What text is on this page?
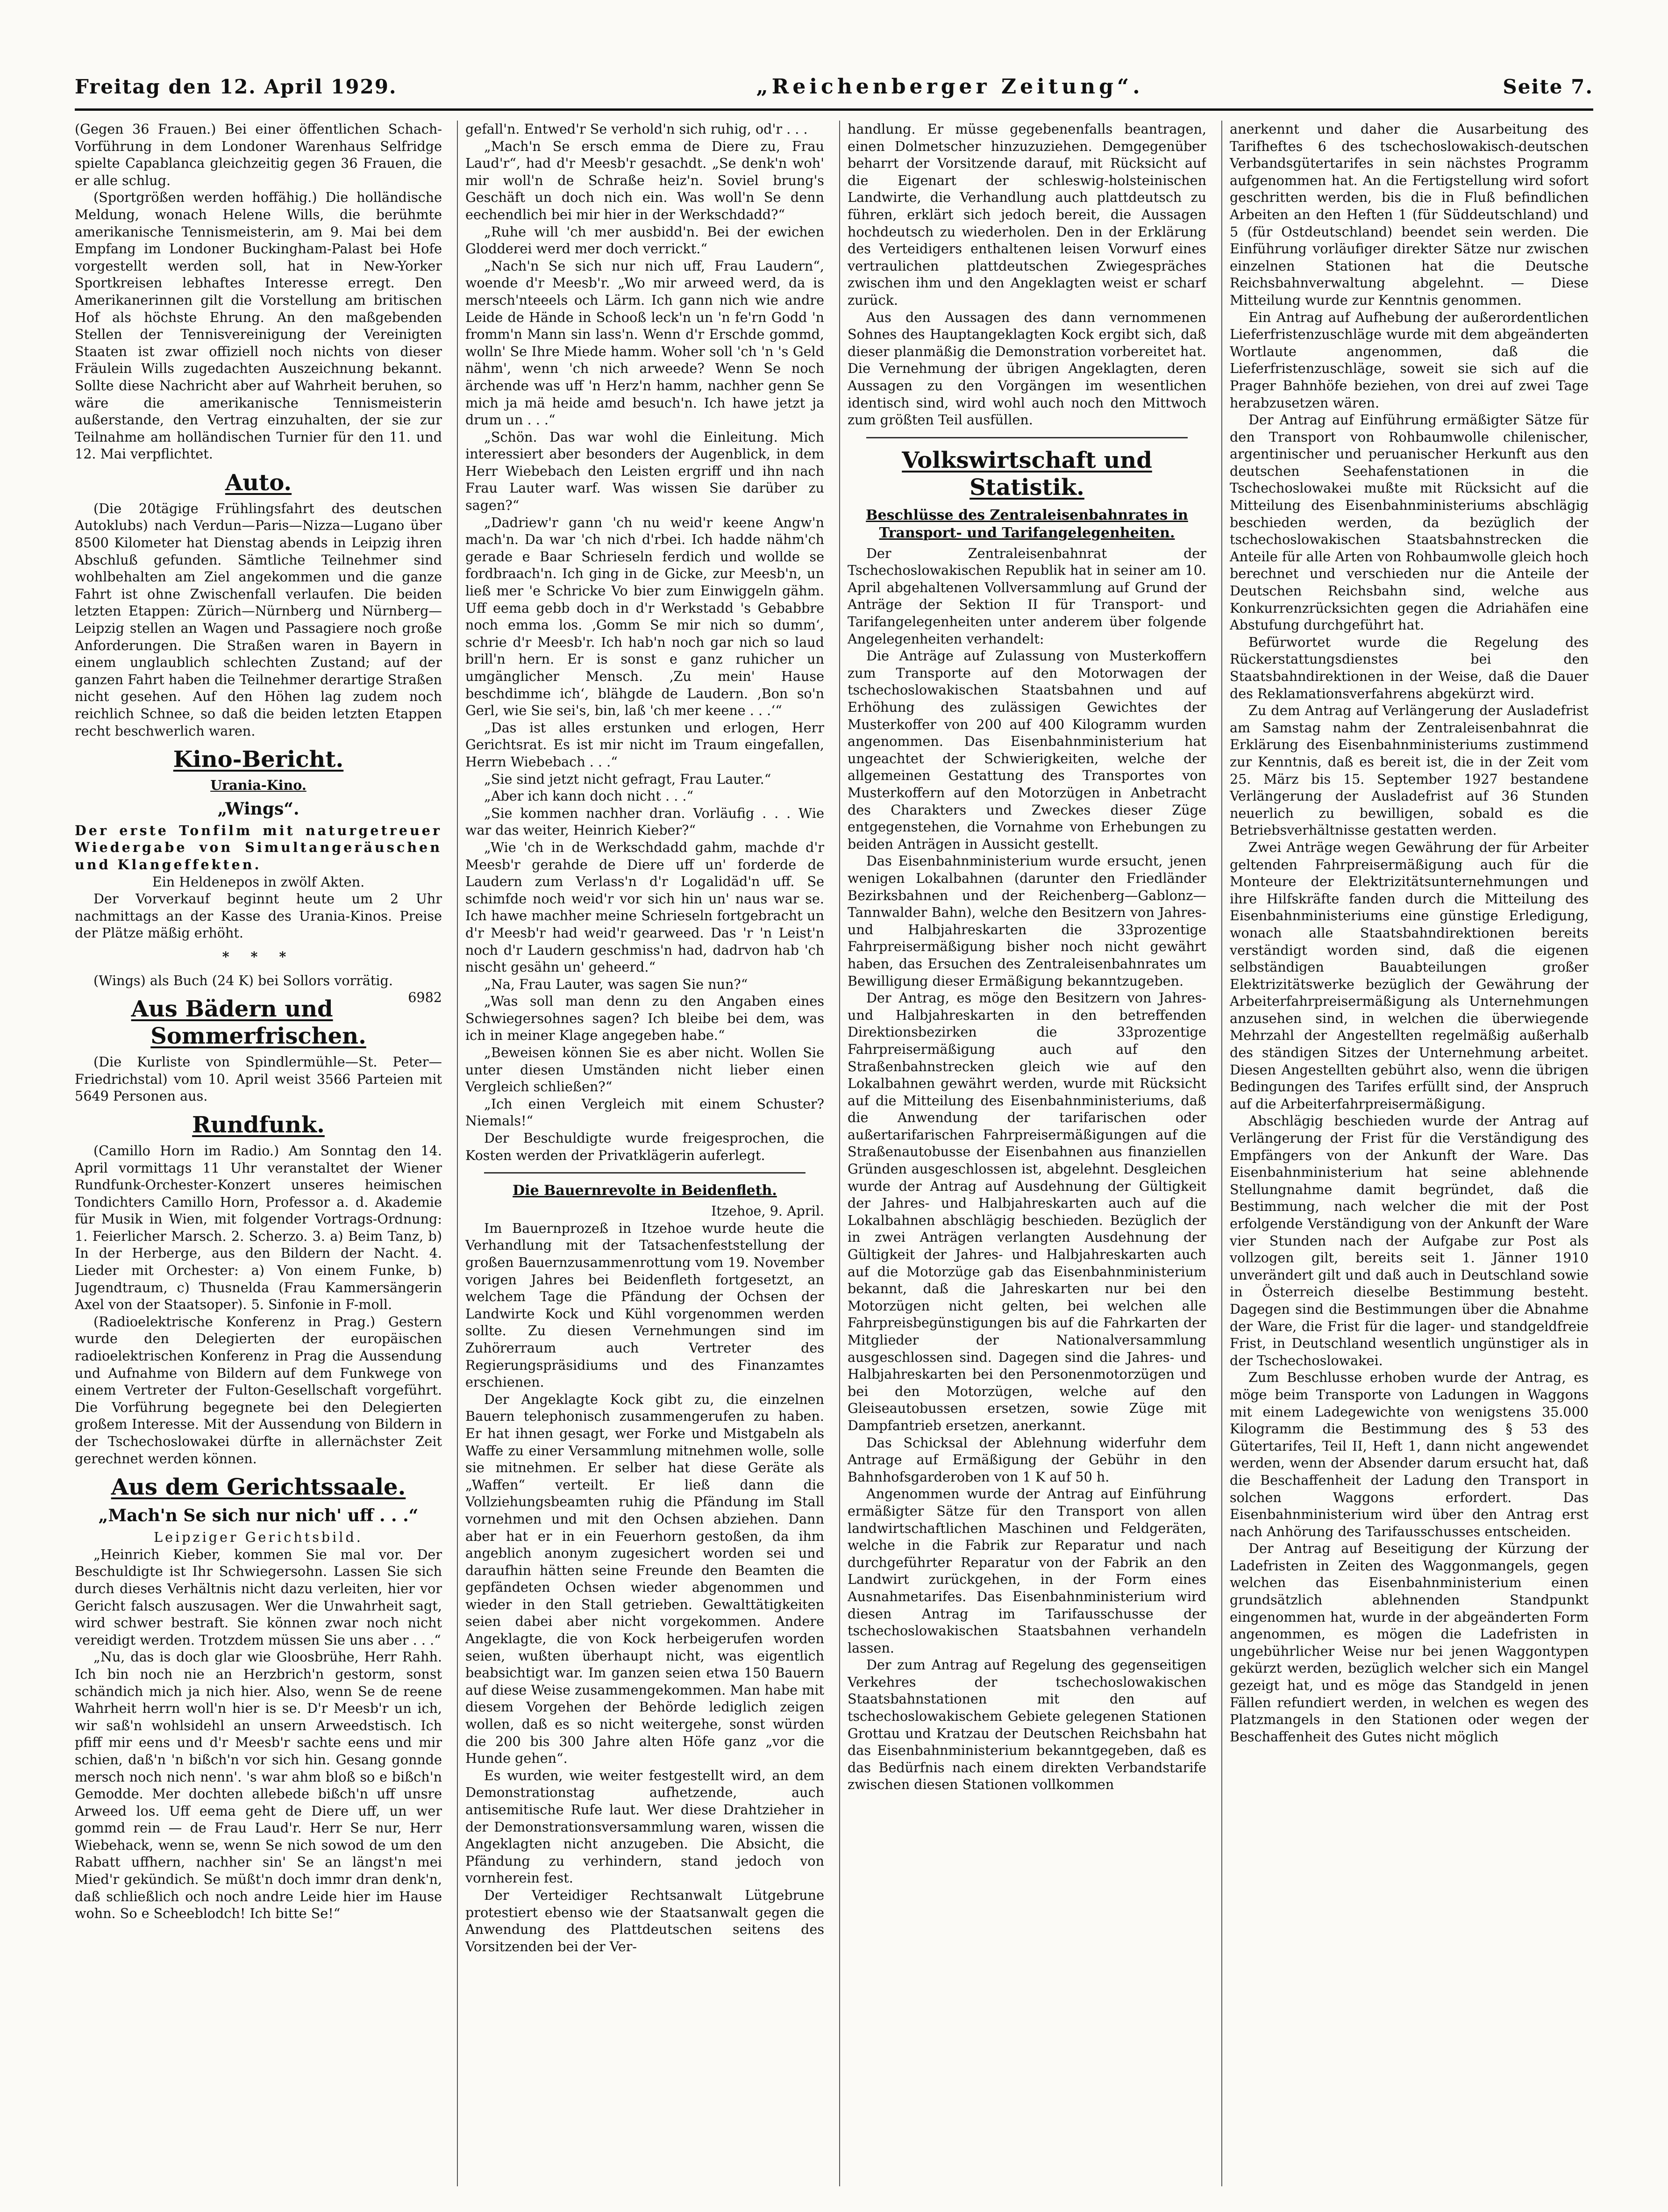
Freitag den 12. April 1929.	„Reichenberger Zeitung“.	Seite 7.

(Gegen 36 Frauen.) Bei einer öffentlichen Schach-Vorführung in dem Londoner Warenhaus Selfridge spielte Capablanca gleichzeitig gegen 36 Frauen, die er alle schlug.

(Sportgrößen werden hoffähig.) Die holländische Meldung, wonach Helene Wills, die berühmte amerikanische Tennismeisterin, am 9. Mai bei dem Empfang im Londoner Buckingham-Palast bei Hofe vorgestellt werden soll, hat in New-Yorker Sportkreisen lebhaftes Interesse erregt. Den Amerikanerinnen gilt die Vorstellung am britischen Hof als höchste Ehrung. An den maßgebenden Stellen der Tennisvereinigung der Vereinigten Staaten ist zwar offiziell noch nichts von dieser Fräulein Wills zugedachten Auszeichnung bekannt. Sollte diese Nachricht aber auf Wahrheit beruhen, so wäre die amerikanische Tennismeisterin außerstande, den Vertrag einzuhalten, der sie zur Teilnahme am holländischen Turnier für den 11. und 12. Mai verpflichtet.

Auto.

(Die 20tägige Frühlingsfahrt des deutschen Autoklubs) nach Verdun—Paris—Nizza—Lugano über 8500 Kilometer hat Dienstag abends in Leipzig ihren Abschluß gefunden. Sämtliche Teilnehmer sind wohlbehalten am Ziel angekommen und die ganze Fahrt ist ohne Zwischenfall verlaufen. Die beiden letzten Etappen: Zürich—Nürnberg und Nürnberg—Leipzig stellen an Wagen und Passagiere noch große Anforderungen. Die Straßen waren in Bayern in einem unglaublich schlechten Zustand; auf der ganzen Fahrt haben die Teilnehmer derartige Straßen nicht gesehen. Auf den Höhen lag zudem noch reichlich Schnee, so daß die beiden letzten Etappen recht beschwerlich waren.

Kino-Bericht.

Urania-Kino.

„Wings“.

Der erste Tonfilm mit naturgetreuer Wiedergabe von Simultangeräuschen und Klangeffekten.

Ein Heldenepos in zwölf Akten.

Der Vorverkauf beginnt heute um 2 Uhr nachmittags an der Kasse des Urania-Kinos. Preise der Plätze mäßig erhöht.

* * *

(Wings) als Buch (24 K) bei Sollors vorrätig.
6982

Aus Bädern und Sommerfrischen.

(Die Kurliste von Spindlermühle—St. Peter—Friedrichstal) vom 10. April weist 3566 Parteien mit 5649 Personen aus.

Rundfunk.

(Camillo Horn im Radio.) Am Sonntag den 14. April vormittags 11 Uhr veranstaltet der Wiener Rundfunk-Orchester-Konzert unseres heimischen Tondichters Camillo Horn, Professor a. d. Akademie für Musik in Wien, mit folgender Vortrags-Ordnung: 1. Feierlicher Marsch. 2. Scherzo. 3. a) Beim Tanz, b) In der Herberge, aus den Bildern der Nacht. 4. Lieder mit Orchester: a) Von einem Funke, b) Jugendtraum, c) Thusnelda (Frau Kammersängerin Axel von der Staatsoper). 5. Sinfonie in F-moll.

(Radioelektrische Konferenz in Prag.) Gestern wurde den Delegierten der europäischen radioelektrischen Konferenz in Prag die Aussendung und Aufnahme von Bildern auf dem Funkwege von einem Vertreter der Fulton-Gesellschaft vorgeführt. Die Vorführung begegnete bei den Delegierten großem Interesse. Mit der Aussendung von Bildern in der Tschechoslowakei dürfte in allernächster Zeit gerechnet werden können.

Aus dem Gerichtssaale.
„Mach'n Se sich nur nich' uff . . .“

Leipziger Gerichtsbild.

„Heinrich Kieber, kommen Sie mal vor. Der Beschuldigte ist Ihr Schwiegersohn. Lassen Sie sich durch dieses Verhältnis nicht dazu verleiten, hier vor Gericht falsch auszusagen. Wer die Unwahrheit sagt, wird schwer bestraft. Sie können zwar noch nicht vereidigt werden. Trotzdem müssen Sie uns aber . . .“

„Nu, das is doch glar wie Gloosbrühe, Herr Rahh. Ich bin noch nie an Herzbrich'n gestorm, sonst schändich mich ja nich hier. Also, wenn Se de reene Wahrheit herrn woll'n hier is se. D'r Meesb'r un ich, wir saß'n wohlsidehl an unsern Arweedstisch. Ich pfiff mir eens und d'r Meesb'r sachte eens und mir schien, daß'n 'n bißch'n vor sich hin. Gesang gonnde mersch noch nich nenn'. 's war ahm bloß so e bißch'n Gemodde. Mer dochten allebede bißch'n uff unsre Arweed los. Uff eema geht de Diere uff, un wer gommd rein — de Frau Laud'r. Herr Se nur, Herr Wiebehack, wenn se, wenn Se nich sowod de um den Rabatt uffhern, nachher sin' Se an längst'n mei Mied'r gekündich. Se müßt'n doch immr dran denk'n, daß schließlich och noch andre Leide hier im Hause wohn. So e Scheeblodch! Ich bitte Se!“

gefall'n. Entwed'r Se verhold'n sich ruhig, od'r . . .

„Mach'n Se ersch emma de Diere zu, Frau Laud'r“, had d'r Meesb'r gesachdt. „Se denk'n woh' mir woll'n de Schraße heiz'n. Soviel brung's Geschäft un doch nich ein. Was woll'n Se denn eechendlich bei mir hier in der Werkschdadd?“

„Ruhe will 'ch mer ausbidd'n. Bei der ewichen Glodderei werd mer doch verrickt.“

„Nach'n Se sich nur nich uff, Frau Laudern“, woende d'r Meesb'r. „Wo mir arweed werd, da is mersch'nteeels och Lärm. Ich gann nich wie andre Leide de Hände in Schooß leck'n un 'n fe'rn Godd 'n fromm'n Mann sin lass'n. Wenn d'r Erschde gommd, wolln' Se Ihre Miede hamm. Woher soll 'ch 'n 's Geld nähm', wenn 'ch nich arweede? Wenn Se noch ärchende was uff 'n Herz'n hamm, nachher genn Se mich ja mä heide amd besuch'n. Ich hawe jetzt ja drum un . . .“

„Schön. Das war wohl die Einleitung. Mich interessiert aber besonders der Augenblick, in dem Herr Wiebebach den Leisten ergriff und ihn nach Frau Lauter warf. Was wissen Sie darüber zu sagen?“

„Dadriew'r gann 'ch nu weid'r keene Angw'n mach'n. Da war 'ch nich d'rbei. Ich hadde nähm'ch gerade e Baar Schrieseln ferdich und wollde se fordbraach'n. Ich ging in de Gicke, zur Meesb'n, un ließ mer 'e Schricke Vo bier zum Einwiggeln gähm. Uff eema gebb doch in d'r Werkstadd 's Gebabbre noch emma los. ‚Gomm Se mir nich so dumm‘, schrie d'r Meesb'r. Ich hab'n noch gar nich so laud brill'n hern. Er is sonst e ganz ruhicher un umgänglicher Mensch. ‚Zu mein' Hause beschdimme ich‘, blähgde de Laudern. ‚Bon so'n Gerl, wie Sie sei's, bin, laß 'ch mer keene . . .‘“

„Das ist alles erstunken und erlogen, Herr Gerichtsrat. Es ist mir nicht im Traum eingefallen, Herrn Wiebebach . . .“

„Sie sind jetzt nicht gefragt, Frau Lauter.“

„Aber ich kann doch nicht . . .“

„Sie kommen nachher dran. Vorläufig . . . Wie war das weiter, Heinrich Kieber?“

„Wie 'ch in de Werkschdadd gahm, machde d'r Meesb'r gerahde de Diere uff un' forderde de Laudern zum Verlass'n d'r Logalidäd'n uff. Se schimfde noch weid'r vor sich hin un' naus war se. Ich hawe machher meine Schrieseln fortgebracht un d'r Meesb'r had weid'r gearweed. Das 'r 'n Leist'n noch d'r Laudern geschmiss'n had, dadrvon hab 'ch nischt gesähn un' geheerd.“

„Na, Frau Lauter, was sagen Sie nun?“

„Was soll man denn zu den Angaben eines Schwiegersohnes sagen? Ich bleibe bei dem, was ich in meiner Klage angegeben habe.“

„Beweisen können Sie es aber nicht. Wollen Sie unter diesen Umständen nicht lieber einen Vergleich schließen?“

„Ich einen Vergleich mit einem Schuster? Niemals!“

Der Beschuldigte wurde freigesprochen, die Kosten werden der Privatklägerin auferlegt.

Die Bauernrevolte in Beidenfleth.

Itzehoe, 9. April.

Im Bauernprozeß in Itzehoe wurde heute die Verhandlung mit der Tatsachenfeststellung der großen Bauernzusammenrottung vom 19. November vorigen Jahres bei Beidenfleth fortgesetzt, an welchem Tage die Pfändung der Ochsen der Landwirte Kock und Kühl vorgenommen werden sollte. Zu diesen Vernehmungen sind im Zuhörerraum auch Vertreter des Regierungspräsidiums und des Finanzamtes erschienen.

Der Angeklagte Kock gibt zu, die einzelnen Bauern telephonisch zusammengerufen zu haben. Er hat ihnen gesagt, wer Forke und Mistgabeln als Waffe zu einer Versammlung mitnehmen wolle, solle sie mitnehmen. Er selber hat diese Geräte als „Waffen“ verteilt. Er ließ dann die Vollziehungsbeamten ruhig die Pfändung im Stall vornehmen und mit den Ochsen abziehen. Dann aber hat er in ein Feuerhorn gestoßen, da ihm angeblich anonym zugesichert worden sei und daraufhin hätten seine Freunde den Beamten die gepfändeten Ochsen wieder abgenommen und wieder in den Stall getrieben. Gewalttätigkeiten seien dabei aber nicht vorgekommen. Andere Angeklagte, die von Kock herbeigerufen worden seien, wußten überhaupt nicht, was eigentlich beabsichtigt war. Im ganzen seien etwa 150 Bauern auf diese Weise zusammengekommen. Man habe mit diesem Vorgehen der Behörde lediglich zeigen wollen, daß es so nicht weitergehe, sonst würden die 200 bis 300 Jahre alten Höfe ganz „vor die Hunde gehen“.

Es wurden, wie weiter festgestellt wird, an dem Demonstrationstag aufhetzende, auch antisemitische Rufe laut. Wer diese Drahtzieher in der Demonstrationsversammlung waren, wissen die Angeklagten nicht anzugeben. Die Absicht, die Pfändung zu verhindern, stand jedoch von vornherein fest.

Der Verteidiger Rechtsanwalt Lütgebrune protestiert ebenso wie der Staatsanwalt gegen die Anwendung des Plattdeutschen seitens des Vorsitzenden bei der Ver-

handlung. Er müsse gegebenenfalls beantragen, einen Dolmetscher hinzuzuziehen. Demgegenüber beharrt der Vorsitzende darauf, mit Rücksicht auf die Eigenart der schleswig-holsteinischen Landwirte, die Verhandlung auch plattdeutsch zu führen, erklärt sich jedoch bereit, die Aussagen hochdeutsch zu wiederholen. Den in der Erklärung des Verteidigers enthaltenen leisen Vorwurf eines vertraulichen plattdeutschen Zwiegespräches zwischen ihm und den Angeklagten weist er scharf zurück.

Aus den Aussagen des dann vernommenen Sohnes des Hauptangeklagten Kock ergibt sich, daß dieser planmäßig die Demonstration vorbereitet hat. Die Vernehmung der übrigen Angeklagten, deren Aussagen zu den Vorgängen im wesentlichen identisch sind, wird wohl auch noch den Mittwoch zum größten Teil ausfüllen.

Volkswirtschaft und Statistik.
Beschlüsse des Zentraleisenbahnrates in Transport- und Tarifangelegenheiten.

Der Zentraleisenbahnrat der Tschechoslowakischen Republik hat in seiner am 10. April abgehaltenen Vollversammlung auf Grund der Anträge der Sektion II für Transport- und Tarifangelegenheiten unter anderem über folgende Angelegenheiten verhandelt:

Die Anträge auf Zulassung von Musterkoffern zum Transporte auf den Motorwagen der tschechoslowakischen Staatsbahnen und auf Erhöhung des zulässigen Gewichtes der Musterkoffer von 200 auf 400 Kilogramm wurden angenommen. Das Eisenbahnministerium hat ungeachtet der Schwierigkeiten, welche der allgemeinen Gestattung des Transportes von Musterkoffern auf den Motorzügen in Anbetracht des Charakters und Zweckes dieser Züge entgegenstehen, die Vornahme von Erhebungen zu beiden Anträgen in Aussicht gestellt.

Das Eisenbahnministerium wurde ersucht, jenen wenigen Lokalbahnen (darunter den Friedländer Bezirksbahnen und der Reichenberg—Gablonz—Tannwalder Bahn), welche den Besitzern von Jahres- und Halbjahreskarten die 33prozentige Fahrpreisermäßigung bisher noch nicht gewährt haben, das Ersuchen des Zentraleisenbahnrates um Bewilligung dieser Ermäßigung bekanntzugeben.

Der Antrag, es möge den Besitzern von Jahres- und Halbjahreskarten in den betreffenden Direktionsbezirken die 33prozentige Fahrpreisermäßigung auch auf den Straßenbahnstrecken gleich wie auf den Lokalbahnen gewährt werden, wurde mit Rücksicht auf die Mitteilung des Eisenbahnministeriums, daß die Anwendung der tarifarischen oder außertarifarischen Fahrpreisermäßigungen auf die Straßenautobusse der Eisenbahnen aus finanziellen Gründen ausgeschlossen ist, abgelehnt. Desgleichen wurde der Antrag auf Ausdehnung der Gültigkeit der Jahres- und Halbjahreskarten auch auf die Lokalbahnen abschlägig beschieden. Bezüglich der in zwei Anträgen verlangten Ausdehnung der Gültigkeit der Jahres- und Halbjahreskarten auch auf die Motorzüge gab das Eisenbahnministerium bekannt, daß die Jahreskarten nur bei den Motorzügen nicht gelten, bei welchen alle Fahrpreisbegünstigungen bis auf die Fahrkarten der Mitglieder der Nationalversammlung ausgeschlossen sind. Dagegen sind die Jahres- und Halbjahreskarten bei den Personenmotorzügen und bei den Motorzügen, welche auf den Gleiseautobussen ersetzen, sowie Züge mit Dampfantrieb ersetzen, anerkannt.

Das Schicksal der Ablehnung widerfuhr dem Antrage auf Ermäßigung der Gebühr in den Bahnhofsgarderoben von 1 K auf 50 h.

Angenommen wurde der Antrag auf Einführung ermäßigter Sätze für den Transport von allen landwirtschaftlichen Maschinen und Feldgeräten, welche in die Fabrik zur Reparatur und nach durchgeführter Reparatur von der Fabrik an den Landwirt zurückgehen, in der Form eines Ausnahmetarifes. Das Eisenbahnministerium wird diesen Antrag im Tarifausschusse der tschechoslowakischen Staatsbahnen verhandeln lassen.

Der zum Antrag auf Regelung des gegenseitigen Verkehres der tschechoslowakischen Staatsbahnstationen mit den auf tschechoslowakischem Gebiete gelegenen Stationen Grottau und Kratzau der Deutschen Reichsbahn hat das Eisenbahnministerium bekanntgegeben, daß es das Bedürfnis nach einem direkten Verbandstarife zwischen diesen Stationen vollkommen

anerkennt und daher die Ausarbeitung des Tarifheftes 6 des tschechoslowakisch-deutschen Verbandsgütertarifes in sein nächstes Programm aufgenommen hat. An die Fertigstellung wird sofort geschritten werden, bis die in Fluß befindlichen Arbeiten an den Heften 1 (für Süddeutschland) und 5 (für Ostdeutschland) beendet sein werden. Die Einführung vorläufiger direkter Sätze nur zwischen einzelnen Stationen hat die Deutsche Reichsbahnverwaltung abgelehnt. — Diese Mitteilung wurde zur Kenntnis genommen.

Ein Antrag auf Aufhebung der außerordentlichen Lieferfristenzuschläge wurde mit dem abgeänderten Wortlaute angenommen, daß die Lieferfristenzuschläge, soweit sie sich auf die Prager Bahnhöfe beziehen, von drei auf zwei Tage herabzusetzen wären.

Der Antrag auf Einführung ermäßigter Sätze für den Transport von Rohbaumwolle chilenischer, argentinischer und peruanischer Herkunft aus den deutschen Seehafenstationen in die Tschechoslowakei mußte mit Rücksicht auf die Mitteilung des Eisenbahnministeriums abschlägig beschieden werden, da bezüglich der tschechoslowakischen Staatsbahnstrecken die Anteile für alle Arten von Rohbaumwolle gleich hoch berechnet und verschieden nur die Anteile der Deutschen Reichsbahn sind, welche aus Konkurrenzrücksichten gegen die Adriahäfen eine Abstufung durchgeführt hat.

Befürwortet wurde die Regelung des Rückerstattungsdienstes bei den Staatsbahndirektionen in der Weise, daß die Dauer des Reklamationsverfahrens abgekürzt wird.

Zu dem Antrag auf Verlängerung der Ausladefrist am Samstag nahm der Zentraleisenbahnrat die Erklärung des Eisenbahnministeriums zustimmend zur Kenntnis, daß es bereit ist, die in der Zeit vom 25. März bis 15. September 1927 bestandene Verlängerung der Ausladefrist auf 36 Stunden neuerlich zu bewilligen, sobald es die Betriebsverhältnisse gestatten werden.

Zwei Anträge wegen Gewährung der für Arbeiter geltenden Fahrpreisermäßigung auch für die Monteure der Elektrizitätsunternehmungen und ihre Hilfskräfte fanden durch die Mitteilung des Eisenbahnministeriums eine günstige Erledigung, wonach alle Staatsbahndirektionen bereits verständigt worden sind, daß die eigenen selbständigen Bauabteilungen großer Elektrizitätswerke bezüglich der Gewährung der Arbeiterfahrpreisermäßigung als Unternehmungen anzusehen sind, in welchen die überwiegende Mehrzahl der Angestellten regelmäßig außerhalb des ständigen Sitzes der Unternehmung arbeitet. Diesen Angestellten gebührt also, wenn die übrigen Bedingungen des Tarifes erfüllt sind, der Anspruch auf die Arbeiterfahrpreisermäßigung.

Abschlägig beschieden wurde der Antrag auf Verlängerung der Frist für die Verständigung des Empfängers von der Ankunft der Ware. Das Eisenbahnministerium hat seine ablehnende Stellungnahme damit begründet, daß die Bestimmung, nach welcher die mit der Post erfolgende Verständigung von der Ankunft der Ware vier Stunden nach der Aufgabe zur Post als vollzogen gilt, bereits seit 1. Jänner 1910 unverändert gilt und daß auch in Deutschland sowie in Österreich dieselbe Bestimmung besteht. Dagegen sind die Bestimmungen über die Abnahme der Ware, die Frist für die lager- und standgeldfreie Frist, in Deutschland wesentlich ungünstiger als in der Tschechoslowakei.

Zum Beschlusse erhoben wurde der Antrag, es möge beim Transporte von Ladungen in Waggons mit einem Ladegewichte von wenigstens 35.000 Kilogramm die Bestimmung des § 53 des Gütertarifes, Teil II, Heft 1, dann nicht angewendet werden, wenn der Absender darum ersucht hat, daß die Beschaffenheit der Ladung den Transport in solchen Waggons erfordert. Das Eisenbahnministerium wird über den Antrag erst nach Anhörung des Tarifausschusses entscheiden.

Der Antrag auf Beseitigung der Kürzung der Ladefristen in Zeiten des Waggonmangels, gegen welchen das Eisenbahnministerium einen grundsätzlich ablehnenden Standpunkt eingenommen hat, wurde in der abgeänderten Form angenommen, es mögen die Ladefristen in ungebührlicher Weise nur bei jenen Waggontypen gekürzt werden, bezüglich welcher sich ein Mangel gezeigt hat, und es möge das Standgeld in jenen Fällen refundiert werden, in welchen es wegen des Platzmangels in den Stationen oder wegen der Beschaffenheit des Gutes nicht möglich
